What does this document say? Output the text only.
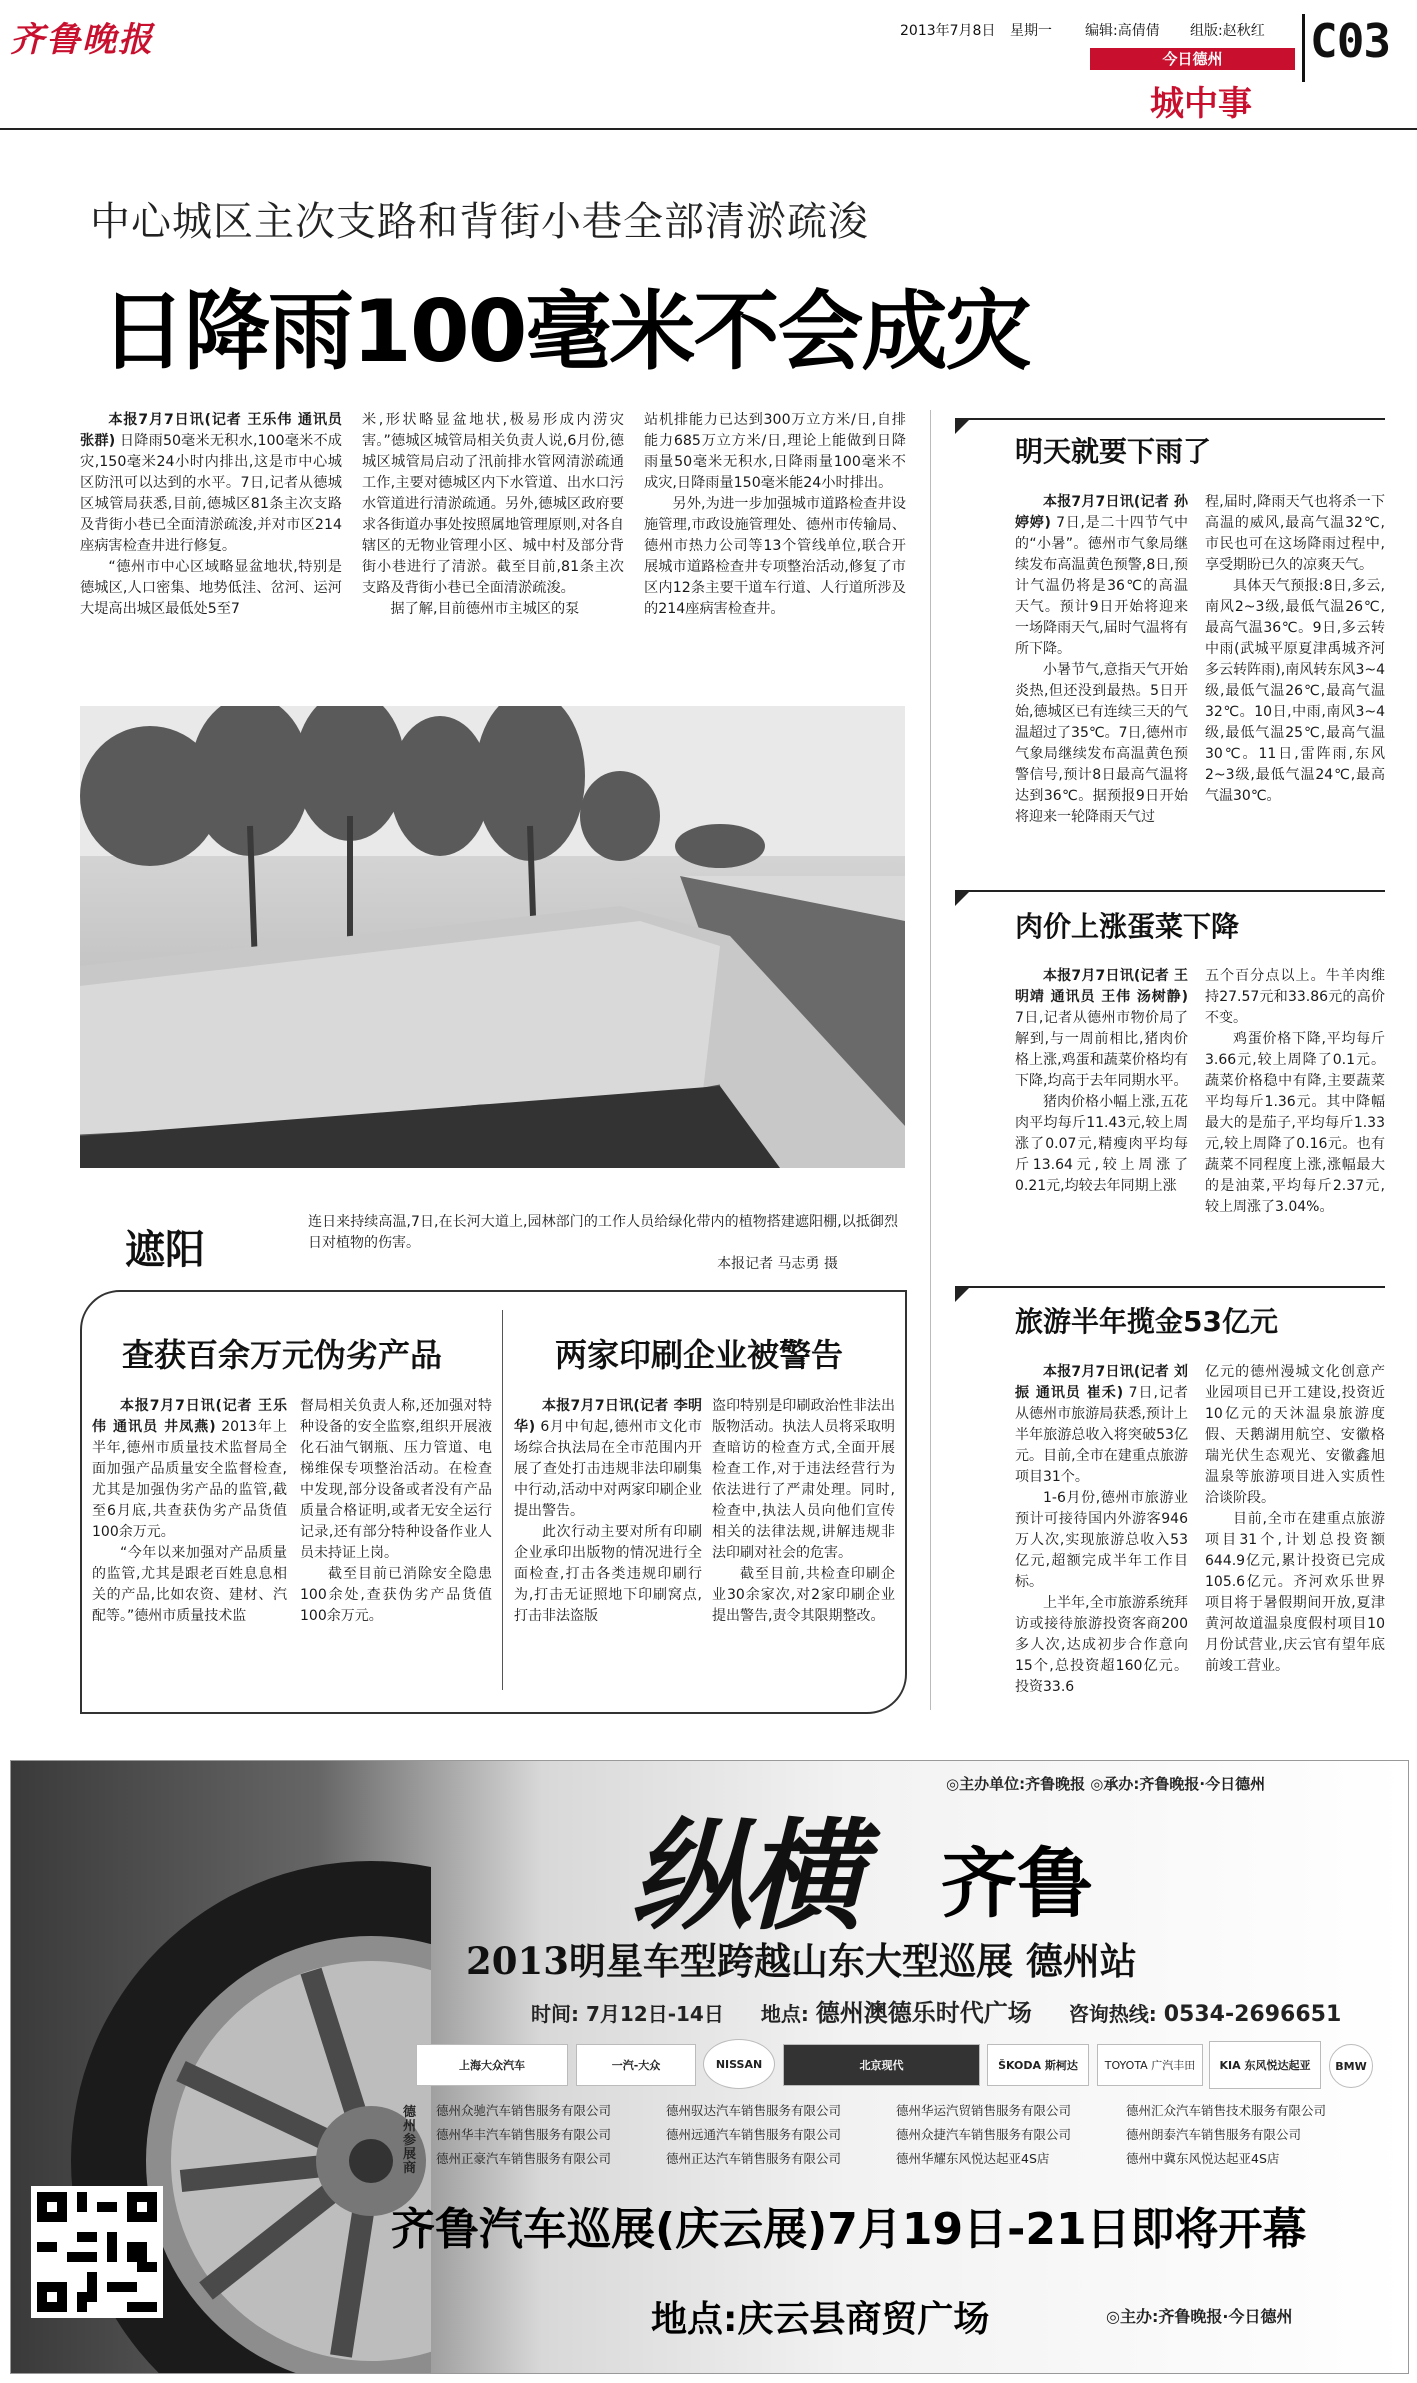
齐鲁晚报	2013年7月8日 星期一 编辑:高倩倩 组版:赵秋红 C03
今日德州
城中事
中心城区主次支路和背街小巷全部清淤疏浚
日降雨100毫米不会成灾

本报7月7日讯(记者 王乐伟 通讯员 张群) 日降雨50毫米无积水,100毫米不成灾,150毫米24小时内排出,这是市中心城区防汛可以达到的水平。7日,记者从德城区城管局获悉,目前,德城区81条主次支路及背街小巷已全面清淤疏浚,并对市区214座病害检查井进行修复。

“德州市中心区域略显盆地状,特别是德城区,人口密集、地势低洼、岔河、运河大堤高出城区最低处5至7

米,形状略显盆地状,极易形成内涝灾害。”德城区城管局相关负责人说,6月份,德城区城管局启动了汛前排水管网清淤疏通工作,主要对德城区内下水管道、出水口污水管道进行清淤疏通。另外,德城区政府要求各街道办事处按照属地管理原则,对各自辖区的无物业管理小区、城中村及部分背街小巷进行了清淤。截至目前,81条主次支路及背街小巷已全面清淤疏浚。

据了解,目前德州市主城区的泵

站机排能力已达到300万立方米/日,自排能力685万立方米/日,理论上能做到日降雨量50毫米无积水,日降雨量100毫米不成灾,日降雨量150毫米能24小时排出。

另外,为进一步加强城市道路检查井设施管理,市政设施管理处、德州市传输局、德州市热力公司等13个管线单位,联合开展城市道路检查井专项整治活动,修复了市区内12条主要干道车行道、人行道所涉及的214座病害检查井。

遮阳
连日来持续高温,7日,在长河大道上,园林部门的工作人员给绿化带内的植物搭建遮阳棚,以抵御烈日对植物的伤害。
本报记者 马志勇 摄
查获百余万元伪劣产品

本报7月7日讯(记者 王乐伟 通讯员 井凤燕) 2013年上半年,德州市质量技术监督局全面加强产品质量安全监督检查,尤其是加强伪劣产品的监管,截至6月底,共查获伪劣产品货值100余万元。

“今年以来加强对产品质量的监管,尤其是跟老百姓息息相关的产品,比如农资、建材、汽配等。”德州市质量技术监

督局相关负责人称,还加强对特种设备的安全监察,组织开展液化石油气钢瓶、压力管道、电梯维保专项整治活动。在检查中发现,部分设备或者没有产品质量合格证明,或者无安全运行记录,还有部分特种设备作业人员未持证上岗。

截至目前已消除安全隐患100余处,查获伪劣产品货值100余万元。

两家印刷企业被警告

本报7月7日讯(记者 李明华) 6月中旬起,德州市文化市场综合执法局在全市范围内开展了查处打击违规非法印刷集中行动,活动中对两家印刷企业提出警告。

此次行动主要对所有印刷企业承印出版物的情况进行全面检查,打击各类违规印刷行为,打击无证照地下印刷窝点,打击非法盗版

盗印特别是印刷政治性非法出版物活动。执法人员将采取明查暗访的检查方式,全面开展检查工作,对于违法经营行为依法进行了严肃处理。同时,检查中,执法人员向他们宣传相关的法律法规,讲解违规非法印刷对社会的危害。

截至目前,共检查印刷企业30余家次,对2家印刷企业提出警告,责令其限期整改。

明天就要下雨了

本报7月7日讯(记者 孙婷婷) 7日,是二十四节气中的“小暑”。德州市气象局继续发布高温黄色预警,8日,预计气温仍将是36℃的高温天气。预计9日开始将迎来一场降雨天气,届时气温将有所下降。

小暑节气,意指天气开始炎热,但还没到最热。5日开始,德城区已有连续三天的气温超过了35℃。7日,德州市气象局继续发布高温黄色预警信号,预计8日最高气温将达到36℃。据预报9日开始将迎来一轮降雨天气过

程,届时,降雨天气也将杀一下高温的威风,最高气温32℃,市民也可在这场降雨过程中,享受期盼已久的凉爽天气。

具体天气预报:8日,多云,南风2~3级,最低气温26℃,最高气温36℃。9日,多云转中雨(武城平原夏津禹城齐河多云转阵雨),南风转东风3~4级,最低气温26℃,最高气温32℃。10日,中雨,南风3~4级,最低气温25℃,最高气温30℃。11日,雷阵雨,东风2~3级,最低气温24℃,最高气温30℃。

肉价上涨蛋菜下降

本报7月7日讯(记者 王明靖 通讯员 王伟 汤树静) 7日,记者从德州市物价局了解到,与一周前相比,猪肉价格上涨,鸡蛋和蔬菜价格均有下降,均高于去年同期水平。

猪肉价格小幅上涨,五花肉平均每斤11.43元,较上周涨了0.07元,精瘦肉平均每斤13.64元,较上周涨了0.21元,均较去年同期上涨

五个百分点以上。牛羊肉维持27.57元和33.86元的高价不变。

鸡蛋价格下降,平均每斤3.66元,较上周降了0.1元。蔬菜价格稳中有降,主要蔬菜平均每斤1.36元。其中降幅最大的是茄子,平均每斤1.33元,较上周降了0.16元。也有蔬菜不同程度上涨,涨幅最大的是油菜,平均每斤2.37元,较上周涨了3.04%。

旅游半年揽金53亿元

本报7月7日讯(记者 刘振 通讯员 崔禾) 7日,记者从德州市旅游局获悉,预计上半年旅游总收入将突破53亿元。目前,全市在建重点旅游项目31个。

1-6月份,德州市旅游业预计可接待国内外游客946万人次,实现旅游总收入53亿元,超额完成半年工作目标。

上半年,全市旅游系统拜访或接待旅游投资客商200多人次,达成初步合作意向15个,总投资超160亿元。投资33.6

亿元的德州漫城文化创意产业园项目已开工建设,投资近10亿元的天沐温泉旅游度假、天鹅湖用航空、安徽格瑞光伏生态观光、安徽鑫旭温泉等旅游项目进入实质性洽谈阶段。

目前,全市在建重点旅游项目31个,计划总投资额644.9亿元,累计投资已完成105.6亿元。齐河欢乐世界项目将于暑假期间开放,夏津黄河故道温泉度假村项目10月份试营业,庆云官有望年底前竣工营业。

◎主办单位:齐鲁晚报 ◎承办:齐鲁晚报·今日德州
纵横 齐鲁
2013明星车型跨越山东大型巡展 德州站
时间: 7月12日-14日 地点: 德州澳德乐时代广场 咨询热线: 0534-2696651
上海大众汽车	一汽-大众	NISSAN	北京现代	ŠKODA 斯柯达	TOYOTA 广汽丰田	KIA 东风悦达起亚	BMW
德州参展商
德州众驰汽车销售服务有限公司	德州驭达汽车销售服务有限公司	德州华运汽贸销售服务有限公司	德州汇众汽车销售技术服务有限公司
德州华丰汽车销售服务有限公司	德州远通汽车销售服务有限公司	德州众捷汽车销售服务有限公司	德州朗泰汽车销售服务有限公司
德州正豪汽车销售服务有限公司	德州正达汽车销售服务有限公司	德州华耀东风悦达起亚4S店	德州中冀东风悦达起亚4S店
齐鲁汽车巡展(庆云展)7月19日-21日即将开幕
地点:庆云县商贸广场	◎主办:齐鲁晚报·今日德州
